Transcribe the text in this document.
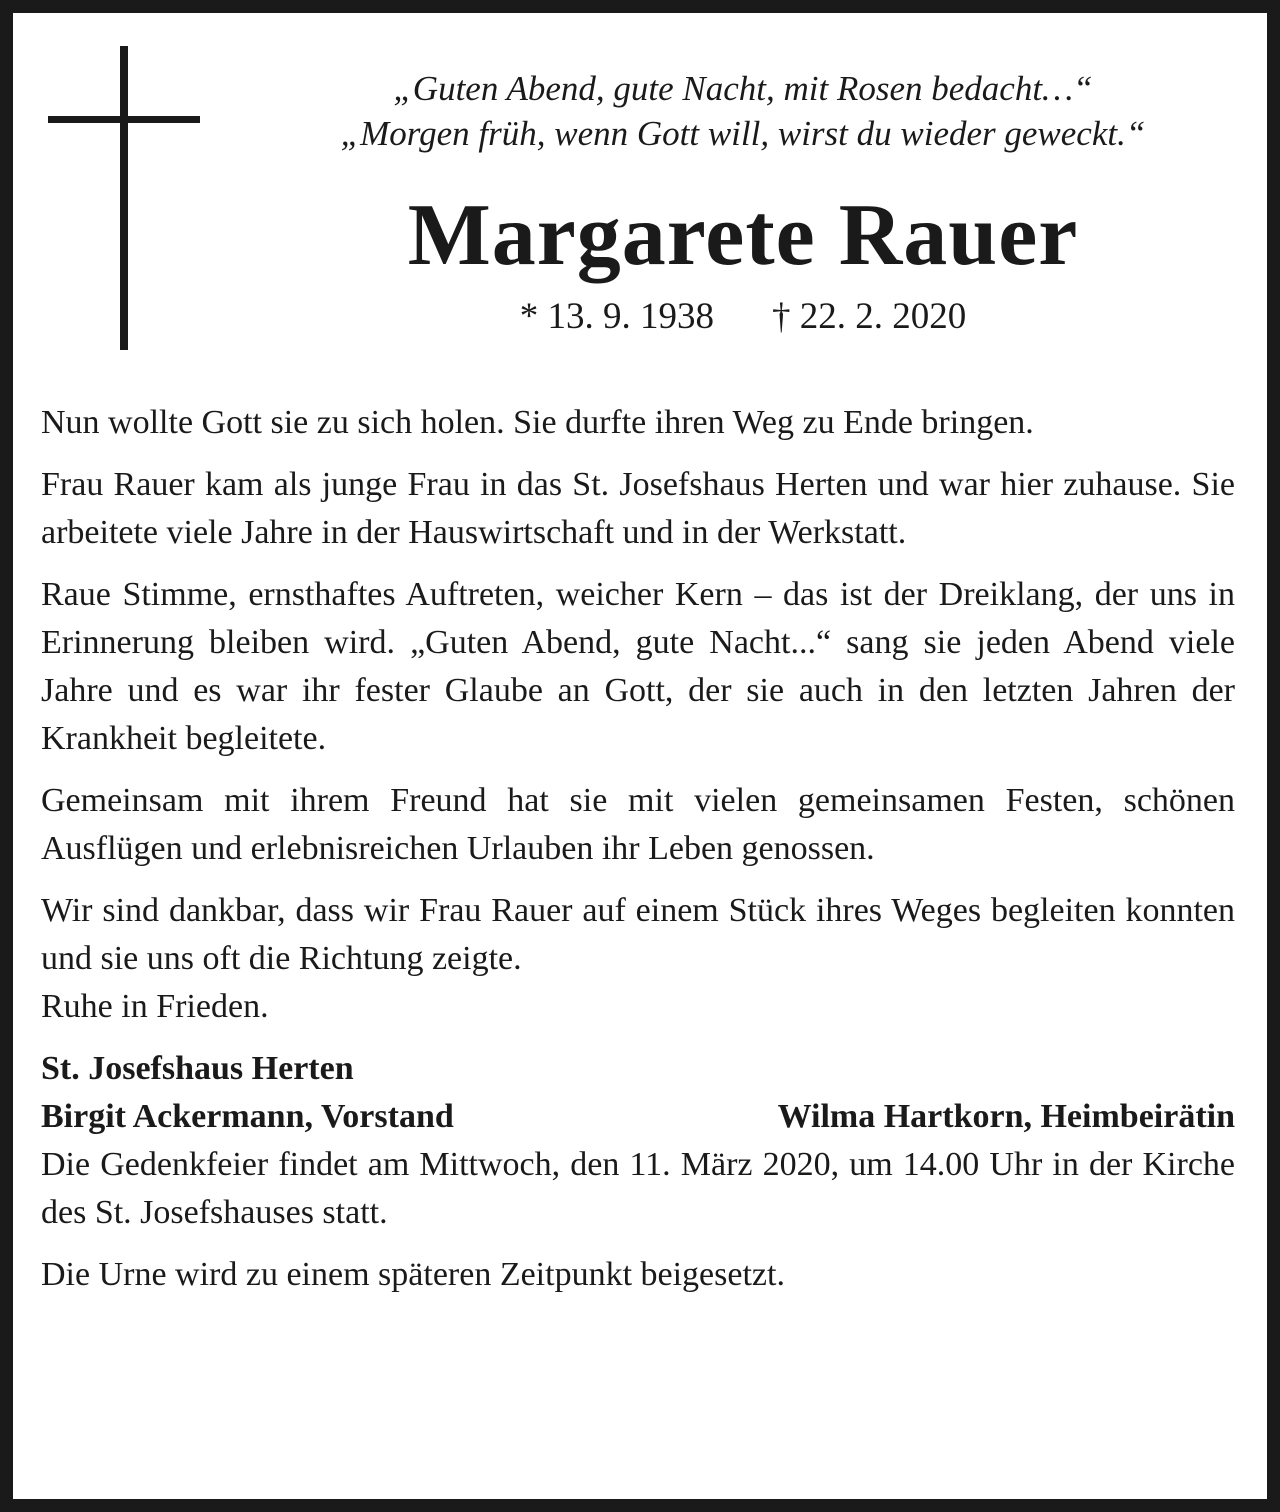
„Guten Abend, gute Nacht, mit Rosen bedacht…“

„Morgen früh, wenn Gott will, wirst du wieder geweckt.“

Margarete Rauer
* 13. 9. 1938 † 22. 2. 2020

Nun wollte Gott sie zu sich holen. Sie durfte ihren Weg zu Ende bringen.

Frau Rauer kam als junge Frau in das St. Josefshaus Herten und war hier zuhause. Sie arbeitete viele Jahre in der Hauswirtschaft und in der Werkstatt.

Raue Stimme, ernsthaftes Auftreten, weicher Kern – das ist der Dreiklang, der uns in Erinnerung bleiben wird. „Guten Abend, gute Nacht...“ sang sie jeden Abend viele Jahre und es war ihr fester Glaube an Gott, der sie auch in den letzten Jahren der Krankheit begleitete.

Gemeinsam mit ihrem Freund hat sie mit vielen gemeinsamen Festen, schönen Ausflügen und erlebnisreichen Urlauben ihr Leben genossen.

Wir sind dankbar, dass wir Frau Rauer auf einem Stück ihres Weges begleiten konnten und sie uns oft die Richtung zeigte.

Ruhe in Frieden.

St. Josefshaus Herten
Birgit Ackermann, Vorstand	Wilma Hartkorn, Heimbeirätin

Die Gedenkfeier findet am Mittwoch, den 11. März 2020, um 14.00 Uhr in der Kirche des St. Josefshauses statt.

Die Urne wird zu einem späteren Zeitpunkt beigesetzt.
